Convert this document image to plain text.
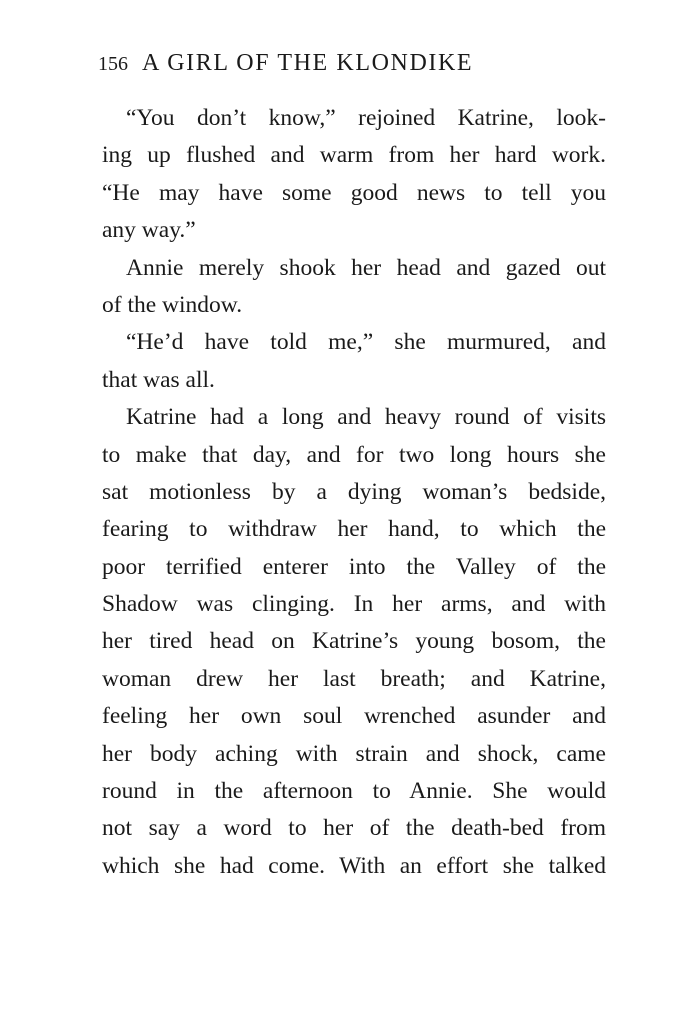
156 A GIRL OF THE KLONDIKE
“You don’t know,” rejoined Katrine, look-
ing up flushed and warm from her hard work.
“He may have some good news to tell you
any way.”
Annie merely shook her head and gazed out
of the window.
“He’d have told me,” she murmured, and
that was all.
Katrine had a long and heavy round of visits
to make that day, and for two long hours she
sat motionless by a dying woman’s bedside,
fearing to withdraw her hand, to which the
poor terrified enterer into the Valley of the
Shadow was clinging. In her arms, and with
her tired head on Katrine’s young bosom, the
woman drew her last breath; and Katrine,
feeling her own soul wrenched asunder and
her body aching with strain and shock, came
round in the afternoon to Annie. She would
not say a word to her of the death-bed from
which she had come. With an effort she talked
